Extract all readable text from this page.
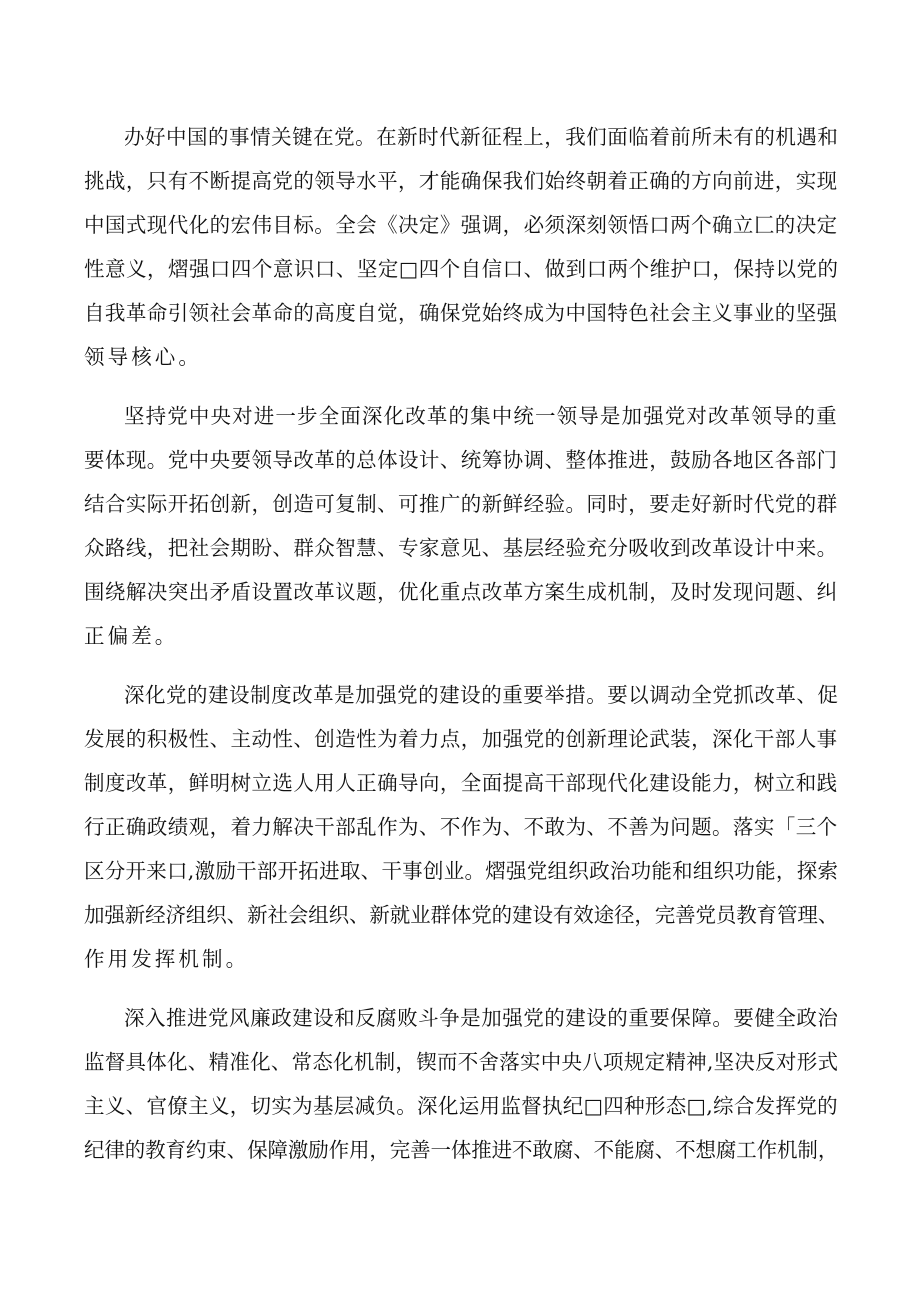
办好中国的事情关键在党。在新时代新征程上，我们面临着前所未有的机遇和
挑战，只有不断提高党的领导水平，才能确保我们始终朝着正确的方向前进，实现
中国式现代化的宏伟目标。全会《决定》强调，必须深刻领悟口两个确立匚的决定
性意义，熠强口四个意识口、坚定□四个自信口、做到口两个维护口，保持以党的
自我革命引领社会革命的高度自觉，确保党始终成为中国特色社会主义事业的坚强
领导核心。
坚持党中央对进一步全面深化改革的集中统一领导是加强党对改革领导的重
要体现。党中央要领导改革的总体设计、统筹协调、整体推进，鼓励各地区各部门
结合实际开拓创新，创造可复制、可推广的新鲜经验。同时，要走好新时代党的群
众路线，把社会期盼、群众智慧、专家意见、基层经验充分吸收到改革设计中来。
围绕解决突出矛盾设置改革议题，优化重点改革方案生成机制，及时发现问题、纠
正偏差。
深化党的建设制度改革是加强党的建设的重要举措。要以调动全党抓改革、促
发展的积极性、主动性、创造性为着力点，加强党的创新理论武装，深化干部人事
制度改革，鲜明树立选人用人正确导向，全面提高干部现代化建设能力，树立和践
行正确政绩观，着力解决干部乱作为、不作为、不敢为、不善为问题。落实「三个
区分开来口,激励干部开拓进取、干事创业。熠强党组织政治功能和组织功能，探索
加强新经济组织、新社会组织、新就业群体党的建设有效途径，完善党员教育管理、
作用发挥机制。
深入推进党风廉政建设和反腐败斗争是加强党的建设的重要保障。要健全政治
监督具体化、精准化、常态化机制，锲而不舍落实中央八项规定精神,坚决反对形式
主义、官僚主义，切实为基层减负。深化运用监督执纪□四种形态□,综合发挥党的
纪律的教育约束、保障激励作用，完善一体推进不敢腐、不能腐、不想腐工作机制，
